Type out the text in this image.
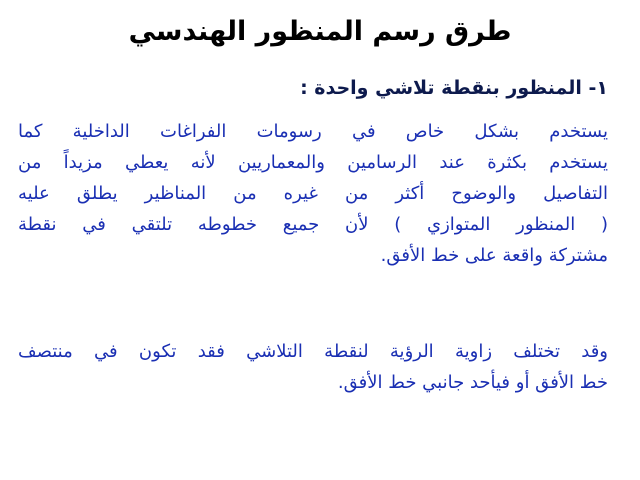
طرق رسم المنظور الهندسي
١- المنظور بنقطة تلاشي واحدة :

يستخدم بشكل خاص في رسومات الفراغات الداخلية كما
يستخدم بكثرة عند الرسامين والمعماريين لأنه يعطي مزيداً من
التفاصيل والوضوح أكثر من غيره من المناظير يطلق عليه
( المنظور المتوازي ) لأن جميع خطوطه تلتقي في نقطة
مشتركة واقعة على خط الأفق.

وقد تختلف زاوية الرؤية لنقطة التلاشي فقد تكون في منتصف
خط الأفق أو فيأحد جانبي خط الأفق.
